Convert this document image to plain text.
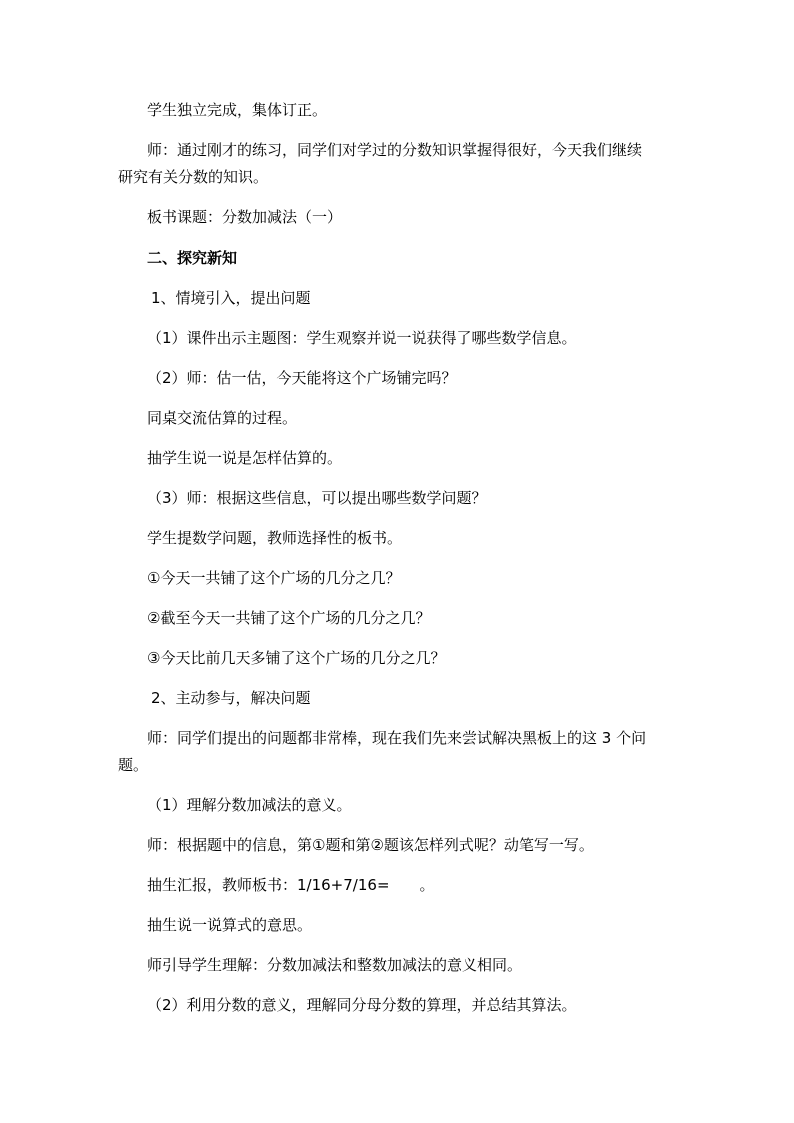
学生独立完成，集体订正。
师：通过刚才的练习，同学们对学过的分数知识掌握得很好，今天我们继续
研究有关分数的知识。
板书课题：分数加减法（一）
二、探究新知
1、情境引入，提出问题
（1）课件出示主题图：学生观察并说一说获得了哪些数学信息。
（2）师：估一估，今天能将这个广场铺完吗？
同桌交流估算的过程。
抽学生说一说是怎样估算的。
（3）师：根据这些信息，可以提出哪些数学问题？
学生提数学问题，教师选择性的板书。
①今天一共铺了这个广场的几分之几？
②截至今天一共铺了这个广场的几分之几？
③今天比前几天多铺了这个广场的几分之几？
2、主动参与，解决问题
师：同学们提出的问题都非常棒，现在我们先来尝试解决黑板上的这 3 个问
题。
（1）理解分数加减法的意义。
师：根据题中的信息，第①题和第②题该怎样列式呢？动笔写一写。
抽生汇报，教师板书：1/16+7/16=　　。
抽生说一说算式的意思。
师引导学生理解：分数加减法和整数加减法的意义相同。
（2）利用分数的意义，理解同分母分数的算理，并总结其算法。
